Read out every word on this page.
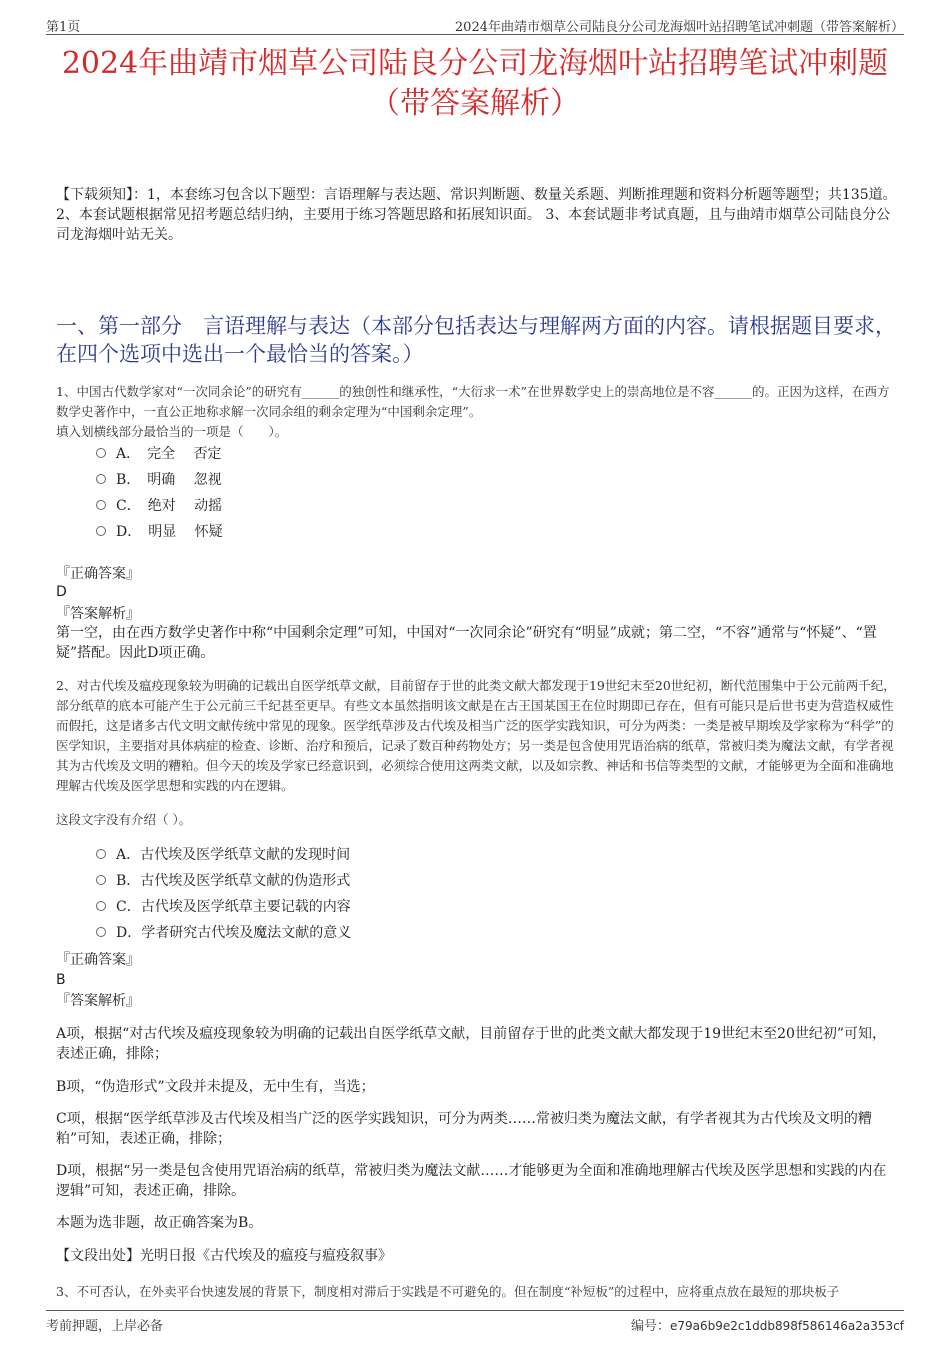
第1页	2024年曲靖市烟草公司陆良分公司龙海烟叶站招聘笔试冲刺题（带答案解析）
2024年曲靖市烟草公司陆良分公司龙海烟叶站招聘笔试冲刺题
（带答案解析）
【下载须知】：1，本套练习包含以下题型：言语理解与表达题、常识判断题、数量关系题、判断推理题和资料分析题等题型；共135道。 2、本套试题根据常见招考题总结归纳，主要用于练习答题思路和拓展知识面。 3、本套试题非考试真题，且与曲靖市烟草公司陆良分公司龙海烟叶站无关。
一、第一部分　言语理解与表达（本部分包括表达与理解两方面的内容。请根据题目要求，在四个选项中选出一个最恰当的答案。）
1、中国古代数学家对“一次同余论”的研究有______的独创性和继承性，“大衍求一术”在世界数学史上的崇高地位是不容______的。正因为这样，在西方数学史著作中，一直公正地称求解一次同余组的剩余定理为“中国剩余定理”。
填入划横线部分最恰当的一项是（　　）。
A．　完全　 否定
B．　明确　 忽视
C．　绝对　 动摇
D．　明显　 怀疑
『正确答案』
D
『答案解析』
第一空，由在西方数学史著作中称“中国剩余定理”可知，中国对“一次同余论”研究有“明显”成就；第二空，“不容”通常与“怀疑”、“置疑”搭配。因此D项正确。
2、对古代埃及瘟疫现象较为明确的记载出自医学纸草文献，目前留存于世的此类文献大都发现于19世纪末至20世纪初，断代范围集中于公元前两千纪，部分纸草的底本可能产生于公元前三千纪甚至更早。有些文本虽然指明该文献是在古王国某国王在位时期即已存在，但有可能只是后世书吏为营造权威性而假托，这是诸多古代文明文献传统中常见的现象。医学纸草涉及古代埃及相当广泛的医学实践知识，可分为两类：一类是被早期埃及学家称为“科学”的医学知识，主要指对具体病症的检查、诊断、治疗和预后，记录了数百种药物处方；另一类是包含使用咒语治病的纸草，常被归类为魔法文献，有学者视其为古代埃及文明的糟粕。但今天的埃及学家已经意识到，必须综合使用这两类文献，以及如宗教、神话和书信等类型的文献，才能够更为全面和准确地理解古代埃及医学思想和实践的内在逻辑。
这段文字没有介绍（ ）。
A．古代埃及医学纸草文献的发现时间
B．古代埃及医学纸草文献的伪造形式
C．古代埃及医学纸草主要记载的内容
D．学者研究古代埃及魔法文献的意义
『正确答案』
B
『答案解析』
A项，根据“对古代埃及瘟疫现象较为明确的记载出自医学纸草文献，目前留存于世的此类文献大都发现于19世纪末至20世纪初”可知，表述正确，排除；
B项，“伪造形式”文段并未提及，无中生有，当选；
C项，根据“医学纸草涉及古代埃及相当广泛的医学实践知识，可分为两类……常被归类为魔法文献，有学者视其为古代埃及文明的糟粕”可知，表述正确，排除；
D项，根据“另一类是包含使用咒语治病的纸草，常被归类为魔法文献……才能够更为全面和准确地理解古代埃及医学思想和实践的内在逻辑”可知，表述正确，排除。
本题为选非题，故正确答案为B。
【文段出处】光明日报《古代埃及的瘟疫与瘟疫叙事》
3、不可否认，在外卖平台快速发展的背景下，制度相对滞后于实践是不可避免的。但在制度“补短板”的过程中，应将重点放在最短的那块板子
考前押题，上岸必备	编号：e79a6b9e2c1ddb898f586146a2a353cf
